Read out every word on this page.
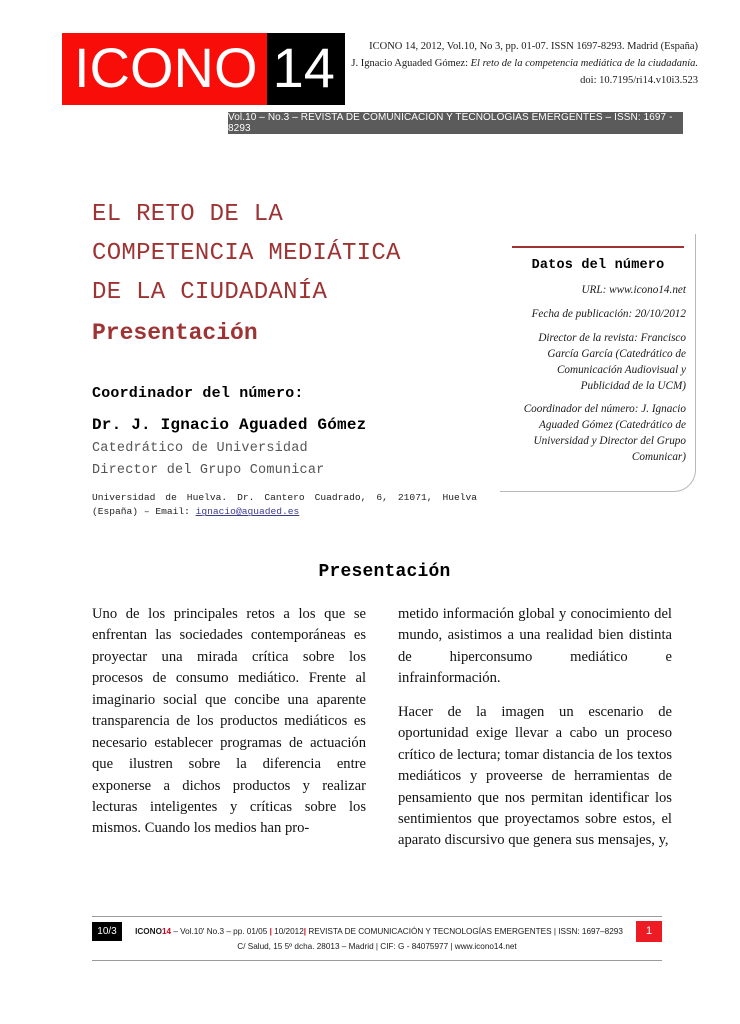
ICONO 14	ICONO 14, 2012, Vol.10, No 3, pp. 01-07. ISSN 1697-8293. Madrid (España)
J. Ignacio Aguaded Gómez: El reto de la competencia mediática de la ciudadanía.
doi: 10.7195/ri14.v10i3.523
Vol.10 – No.3 – REVISTA DE COMUNICACIÓN Y TECNOLOGÍAS EMERGENTES – ISSN: 1697 - 8293
EL RETO DE LA
COMPETENCIA MEDIÁTICA
DE LA CIUDADANÍA
Presentación
Coordinador del número:
Dr. J. Ignacio Aguaded Gómez
Catedrático de Universidad
Director del Grupo Comunicar
Universidad de Huelva. Dr. Cantero Cuadrado, 6, 21071, Huelva (España) – Email: ignacio@aguaded.es
Datos del número
URL: www.icono14.net
Fecha de publicación: 20/10/2012
Director de la revista: Francisco García García (Catedrático de Comunicación Audiovisual y Publicidad de la UCM)
Coordinador del número: J. Ignacio Aguaded Gómez (Catedrático de Universidad y Director del Grupo Comunicar)
Presentación

Uno de los principales retos a los que se enfrentan las sociedades contemporáneas es proyectar una mirada crítica sobre los procesos de consumo mediático. Frente al imaginario social que concibe una aparente transparencia de los productos mediáticos es necesario establecer programas de actuación que ilustren sobre la diferencia entre exponerse a dichos productos y realizar lecturas inteligentes y críticas sobre los mismos. Cuando los medios han pro-

metido información global y conocimiento del mundo, asistimos a una realidad bien distinta de hiperconsumo mediático e infrainformación.

Hacer de la imagen un escenario de oportunidad exige llevar a cabo un proceso crítico de lectura; tomar distancia de los textos mediáticos y proveerse de herramientas de pensamiento que nos permitan identificar los sentimientos que proyectamos sobre estos, el aparato discursivo que genera sus mensajes, y,

10/3	ICONO14 – Vol.10' No.3 – pp. 01/05 | 10/2012| REVISTA DE COMUNICACIÓN Y TECNOLOGÍAS EMERGENTES | ISSN: 1697–8293	1
C/ Salud, 15 5º dcha. 28013 – Madrid | CIF: G - 84075977 | www.icono14.net
